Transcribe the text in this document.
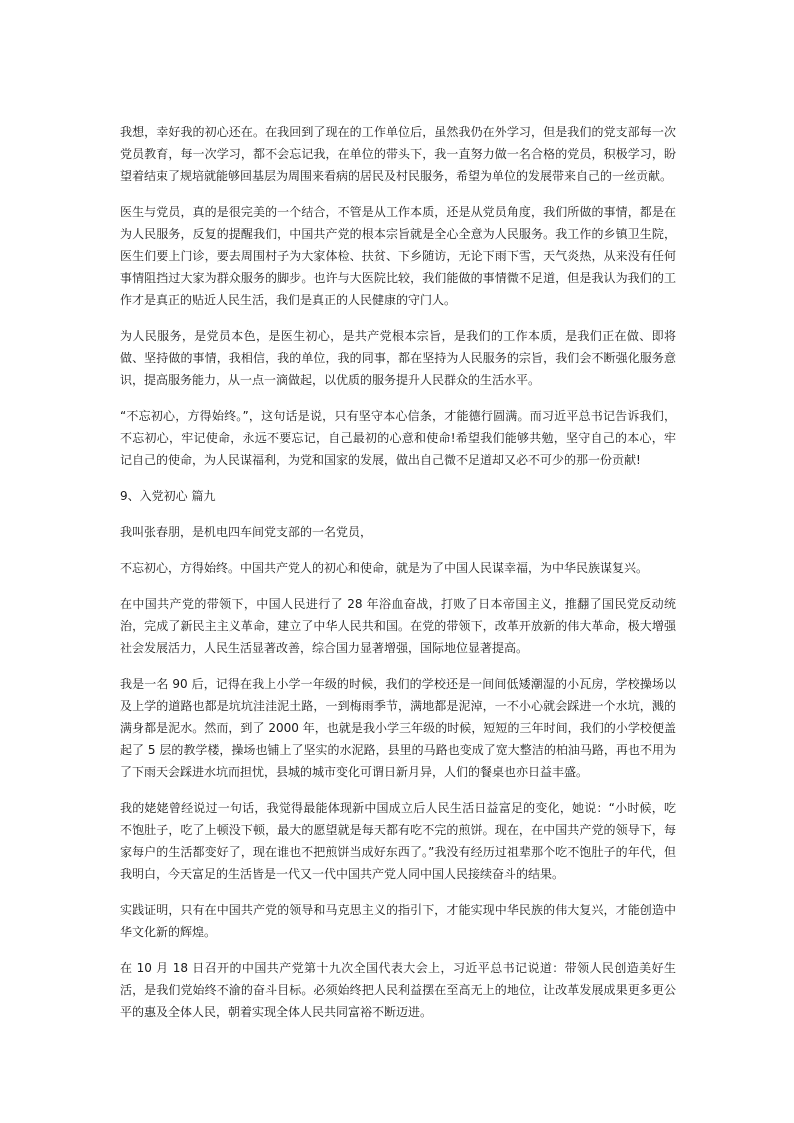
我想，幸好我的初心还在。在我回到了现在的工作单位后，虽然我仍在外学习，但是我们的党支部每一次党员教育，每一次学习，都不会忘记我，在单位的带头下，我一直努力做一名合格的党员，积极学习，盼望着结束了规培就能够回基层为周围来看病的居民及村民服务，希望为单位的发展带来自己的一丝贡献。

医生与党员，真的是很完美的一个结合，不管是从工作本质，还是从党员角度，我们所做的事情，都是在为人民服务，反复的提醒我们，中国共产党的根本宗旨就是全心全意为人民服务。我工作的乡镇卫生院，医生们要上门诊，要去周围村子为大家体检、扶贫、下乡随访，无论下雨下雪，天气炎热，从来没有任何事情阻挡过大家为群众服务的脚步。也许与大医院比较，我们能做的事情微不足道，但是我认为我们的工作才是真正的贴近人民生活，我们是真正的人民健康的守门人。

为人民服务，是党员本色，是医生初心，是共产党根本宗旨，是我们的工作本质，是我们正在做、即将做、坚持做的事情，我相信，我的单位，我的同事，都在坚持为人民服务的宗旨，我们会不断强化服务意识，提高服务能力，从一点一滴做起，以优质的服务提升人民群众的生活水平。

“不忘初心，方得始终。”，这句话是说，只有坚守本心信条，才能德行圆满。而习近平总书记告诉我们，不忘初心，牢记使命，永远不要忘记，自己最初的心意和使命!希望我们能够共勉，坚守自己的本心，牢记自己的使命，为人民谋福利，为党和国家的发展，做出自己微不足道却又必不可少的那一份贡献!

9、入党初心 篇九

我叫张春朋，是机电四车间党支部的一名党员，

不忘初心，方得始终。中国共产党人的初心和使命，就是为了中国人民谋幸福，为中华民族谋复兴。

在中国共产党的带领下，中国人民进行了 28 年浴血奋战，打败了日本帝国主义，推翻了国民党反动统治，完成了新民主主义革命，建立了中华人民共和国。在党的带领下，改革开放新的伟大革命，极大增强社会发展活力，人民生活显著改善，综合国力显著增强，国际地位显著提高。

我是一名 90 后，记得在我上小学一年级的时候，我们的学校还是一间间低矮潮湿的小瓦房，学校操场以及上学的道路也都是坑坑洼洼泥土路，一到梅雨季节，满地都是泥淖，一不小心就会踩进一个水坑，溅的满身都是泥水。然而，到了 2000 年，也就是我小学三年级的时候，短短的三年时间，我们的小学校便盖起了 5 层的教学楼，操场也铺上了坚实的水泥路，县里的马路也变成了宽大整洁的柏油马路，再也不用为了下雨天会踩进水坑而担忧，县城的城市变化可谓日新月异，人们的餐桌也亦日益丰盛。

我的姥姥曾经说过一句话，我觉得最能体现新中国成立后人民生活日益富足的变化，她说：“小时候，吃不饱肚子，吃了上顿没下顿，最大的愿望就是每天都有吃不完的煎饼。现在，在中国共产党的领导下，每家每户的生活都变好了，现在谁也不把煎饼当成好东西了。”我没有经历过祖辈那个吃不饱肚子的年代，但我明白，今天富足的生活皆是一代又一代中国共产党人同中国人民接续奋斗的结果。

实践证明，只有在中国共产党的领导和马克思主义的指引下，才能实现中华民族的伟大复兴，才能创造中华文化新的辉煌。

在 10 月 18 日召开的中国共产党第十九次全国代表大会上，习近平总书记说道：带领人民创造美好生活，是我们党始终不渝的奋斗目标。必须始终把人民利益摆在至高无上的地位，让改革发展成果更多更公平的惠及全体人民，朝着实现全体人民共同富裕不断迈进。
